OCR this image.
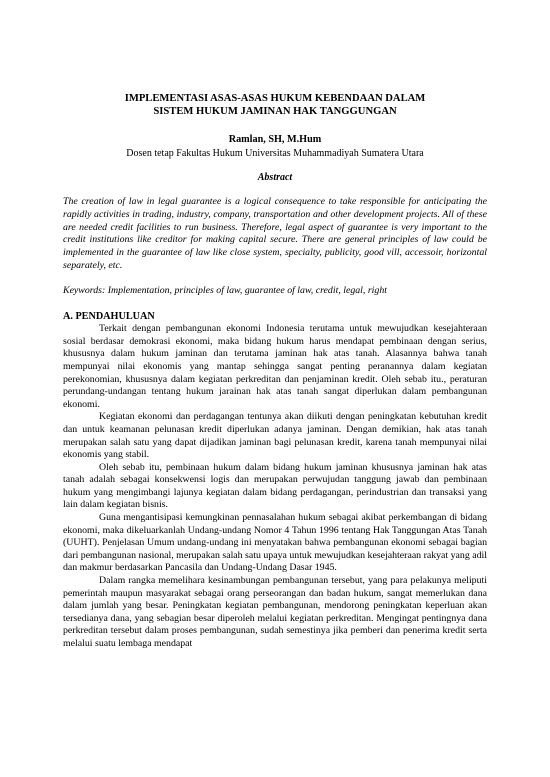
IMPLEMENTASI ASAS-ASAS HUKUM KEBENDAAN DALAM
SISTEM HUKUM JAMINAN HAK TANGGUNGAN
Ramlan, SH, M.Hum
Dosen tetap Fakultas Hukum Universitas Muhammadiyah Sumatera Utara
Abstract
The creation of law in legal guarantee is a logical consequence to take responsible for anticipating the rapidly activities in trading, industry, company, transportation and other development projects. All of these are needed credit facilities to run business. Therefore, legal aspect of guarantee is very important to the credit institutions like creditor for making capital secure. There are general principles of law could be implemented in the guarantee of law like close system, specialty, publicity, good vill, accessoir, horizontal separately, etc.
Keywords: Implementation, principles of law, guarantee of law, credit, legal, right
A. PENDAHULUAN

Terkait dengan pembangunan ekonomi Indonesia terutama untuk mewujudkan kesejahteraan sosial berdasar demokrasi ekonomi, maka bidang hukum harus mendapat pembinaan dengan serius, khususnya dalam hukum jaminan dan terutama jaminan hak atas tanah. Alasannya bahwa tanah mempunyai nilai ekonomis yang mantap sehingga sangat penting peranannya dalam kegiatan perekonomian, khususnya dalam kegiatan perkreditan dan penjaminan kredit. Oleh sebab itu., peraturan perundang-undangan tentang hukum jarainan hak atas tanah sangat diperlukan dalam pembangunan ekonomi.

Kegiatan ekonomi dan perdagangan tentunya akan diikuti dengan peningkatan kebutuhan kredit dan untuk keamanan pelunasan kredit diperlukan adanya jaminan. Dengan demikian, hak atas tanah merupakan salah satu yang dapat dijadikan jaminan bagi pelunasan kredit, karena tanah mempunyai nilai ekonomis yang stabil.

Oleh sebab itu, pembinaan hukum dalam bidang hukum jaminan khususnya jaminan hak atas tanah adalah sebagai konsekwensi logis dan merupakan perwujudan tanggung jawab dan pembinaan hukum yang mengimbangi lajunya kegiatan dalam bidang perdagangan, perindustrian dan transaksi yang lain dalam kegiatan bisnis.

Guna mengantisipasi kemungkinan pennasalahan hukum sebagai akibat perkembangan di bidang ekonomi, maka dikeluarkanlah Undang-undang Nomor 4 Tahun 1996 tentang Hak Tanggungan Atas Tanah (UUHT). Penjelasan Umum undang-undang ini menyatakan bahwa pembangunan ekonomi sebagai bagian dari pembangunan nasional, merupakan salah satu upaya untuk mewujudkan kesejahteraan rakyat yang adil dan makmur berdasarkan Pancasila dan Undang-Undang Dasar 1945.

Dalam rangka memelihara kesinambungan pembangunan tersebut, yang para pelakunya meliputi pemerintah maupun masyarakat sebagai orang perseorangan dan badan hukum, sangat memerlukan dana dalam jumlah yang besar. Peningkatan kegiatan pembangunan, mendorong peningkatan keperluan akan tersedianya dana, yang sebagian besar diperoleh melalui kegiatan perkreditan. Mengingat pentingnya dana perkreditan tersebut dalam proses pembangunan, sudah semestinya jika pemberi dan penerima kredit serta melalui suatu lembaga mendapat
